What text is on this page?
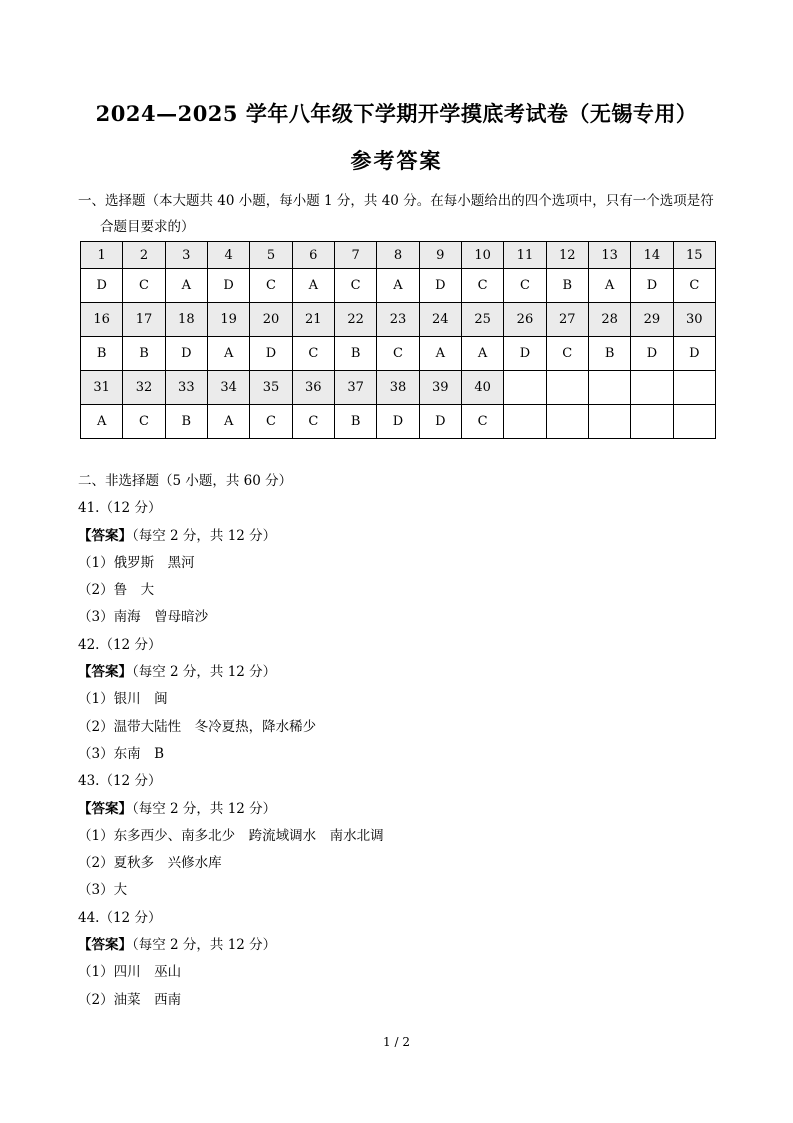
2024—2025 学年八年级下学期开学摸底考试卷（无锡专用）
参考答案
一、选择题（本大题共 40 小题，每小题 1 分，共 40 分。在每小题给出的四个选项中，只有一个选项是符
合题目要求的）
1	2	3	4	5	6	7	8	9	10	11	12	13	14	15
D	C	A	D	C	A	C	A	D	C	C	B	A	D	C
16	17	18	19	20	21	22	23	24	25	26	27	28	29	30
B	B	D	A	D	C	B	C	A	A	D	C	B	D	D
31	32	33	34	35	36	37	38	39	40					
A	C	B	A	C	C	B	D	D	C					
二、非选择题（5 小题，共 60 分）
41.（12 分）
【答案】（每空 2 分，共 12 分）
（1）俄罗斯　黑河
（2）鲁　大
（3）南海　曾母暗沙
42.（12 分）
【答案】（每空 2 分，共 12 分）
（1）银川　闽
（2）温带大陆性　冬冷夏热，降水稀少
（3）东南　B
43.（12 分）
【答案】（每空 2 分，共 12 分）
（1）东多西少、南多北少　跨流域调水　南水北调
（2）夏秋多　兴修水库
（3）大
44.（12 分）
【答案】（每空 2 分，共 12 分）
（1）四川　巫山
（2）油菜　西南
1 / 2
